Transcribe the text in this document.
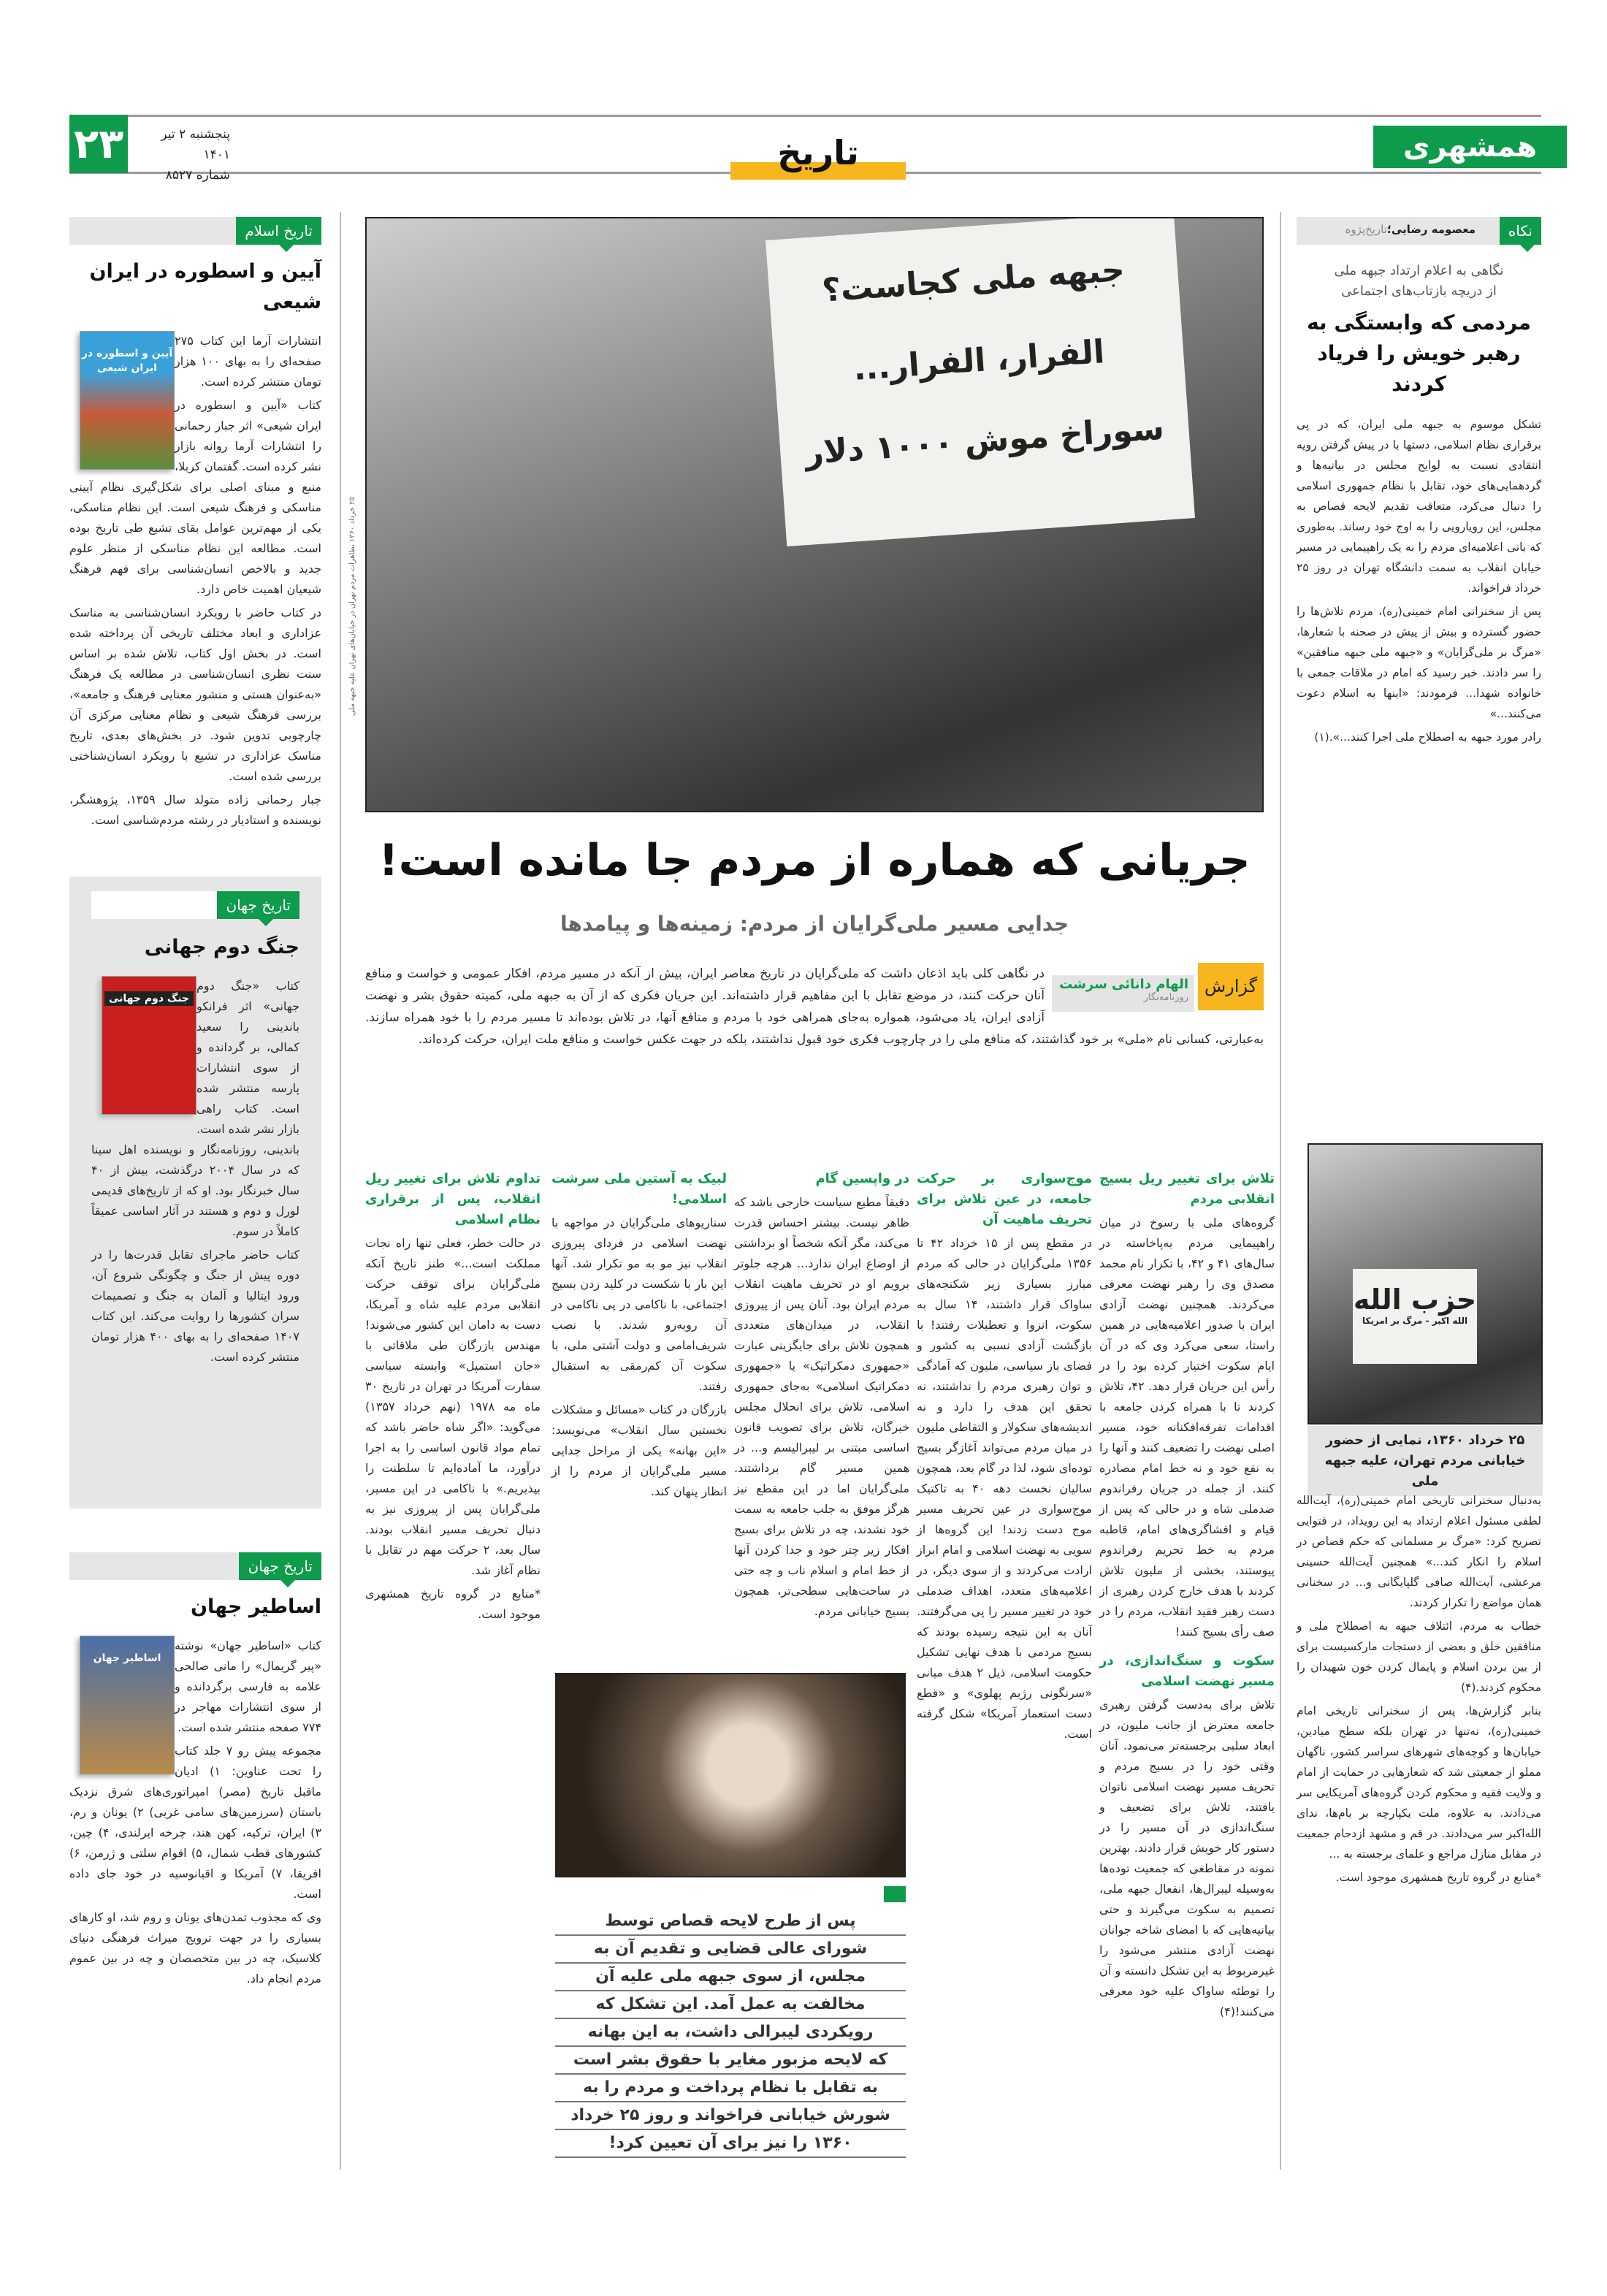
۲۳	پنجشنبه ۲ تیر ۱۴۰۱
شماره ۸۵۲۷
تاریخ	همشهری
نکاه
معصومه رضایی؛تاریخ‌پژوه
نگاهی به اعلام ارتداد جبهه ملی
از دریچه بازتاب‌های اجتماعی
مردمی که وابستگی به رهبر خویش را فریاد کردند

تشکل موسوم به جبهه ملی ایران، که در پی برقراری نظام اسلامی، دستها با در پیش گرفتن رویه انتقادی نسبت به لوایح مجلس در بیانیه‌ها و گردهمایی‌های خود، تقابل با نظام جمهوری اسلامی را دنبال می‌کرد، متعاقب تقدیم لایحه قصاص به مجلس، این رویارویی را به اوج خود رساند. به‌طوری که بانی اعلامیه‌ای مردم را به یک راهپیمایی در مسیر خیابان انقلاب به سمت دانشگاه تهران در روز ۲۵ خرداد فراخواند.

پس از سخنرانی امام خمینی(ره)، مردم تلاش‌ها را حضور گسترده و بیش از پیش در صحنه با شعارها، «مرگ بر ملی‌گرایان» و «جبهه ملی جبهه منافقین» را سر دادند. خبر رسید که امام در ملاقات جمعی با خانواده شهدا... فرمودند: «اینها به اسلام دعوت می‌کنند...»

رادر مورد جبهه به اصطلاح ملی اجرا کنند...».(۱)

حزب الله
الله اکبر - مرگ بر امریکا
۲۵ خرداد ۱۳۶۰، نمایی از حضور خیابانی مردم تهران، علیه جبهه ملی

به‌دنبال سخنرانی تاریخی امام خمینی(ره)، آیت‌الله لطفی مسئول اعلام ارتداد به این رویداد، در فتوایی تصریح کرد: «مرگ بر مسلمانی که حکم قصاص در اسلام را انکار کند...» همچنین آیت‌الله حسینی مرعشی، آیت‌الله صافی گلپایگانی و... در سخنانی همان مواضع را تکرار کردند.

خطاب به مردم، ائتلاف جبهه به اصطلاح ملی و منافقین خلق و بعضی از دستجات مارکسیست برای از بین بردن اسلام و پایمال کردن خون شهیدان را محکوم کردند.(۴)

بنابر گزارش‌ها، پس از سخنرانی تاریخی امام خمینی(ره)، نه‌تنها در تهران بلکه سطح میادین، خیابان‌ها و کوچه‌های شهرهای سراسر کشور، ناگهان مملو از جمعیتی شد که شعارهایی در حمایت از امام و ولایت فقیه و محکوم کردن گروه‌های آمریکایی سر می‌دادند. به علاوه، ملت یکپارچه بر بام‌ها، ندای الله‌اکبر سر می‌دادند. در قم و مشهد ازدحام جمعیت در مقابل منازل مراجع و علمای برجسته به ...

*منابع در گروه تاریخ همشهری موجود است.

تاریخ اسلام
آیین و اسطوره در ایران شیعی
آیین و اسطوره در ایران شیعی

انتشارات آرما این کتاب ۲۷۵ صفحه‌ای را به بهای ۱۰۰ هزار تومان منتشر کرده است.

کتاب «آیین و اسطوره در ایران شیعی» اثر جبار رحمانی را انتشارات آرما روانه بازار نشر کرده است. گفتمان کربلا، منبع و مبنای اصلی برای شکل‌گیری نظام آیینی مناسکی و فرهنگ شیعی است. این نظام مناسکی، یکی از مهم‌ترین عوامل بقای تشیع طی تاریخ بوده است. مطالعه این نظام مناسکی از منظر علوم جدید و بالاخص انسان‌شناسی برای فهم فرهنگ شیعیان اهمیت خاص دارد.

در کتاب حاضر با رویکرد انسان‌شناسی به مناسک عزاداری و ابعاد مختلف تاریخی آن پرداخته شده است. در بخش اول کتاب، تلاش شده بر اساس سنت نظری انسان‌شناسی در مطالعه یک فرهنگ «به‌عنوان هستی و منشور معنایی فرهنگ و جامعه»، بررسی فرهنگ شیعی و نظام معنایی مرکزی آن چارچوبی تدوین شود. در بخش‌های بعدی، تاریخ مناسک عزاداری در تشیع با رویکرد انسان‌شناختی بررسی شده است.

جبار رحمانی زاده متولد سال ۱۳۵۹، پژوهشگر، نویسنده و استادیار در رشته مردم‌شناسی است.

تاریخ جهان
جنگ دوم جهانی
جنگ دوم جهانی

کتاب «جنگ دوم جهانی» اثر فرانکو باندینی را سعید کمالی، بر گردانده و از سوی انتشارات پارسه منتشر شده است. کتاب راهی بازار نشر شده است. باندینی، روزنامه‌نگار و نویسنده اهل سینا که در سال ۲۰۰۴ درگذشت، بیش از ۴۰ سال خبرنگار بود. او که از تاریخ‌های قدیمی لورل و دوم و هستند در آثار اساسی عمیقاً کاملاً در سوم.

کتاب حاضر ماجرای تقابل قدرت‌ها را در دوره پیش از جنگ و چگونگی شروع آن، ورود ایتالیا و آلمان به جنگ و تصمیمات سران کشورها را روایت می‌کند. این کتاب ۱۴۰۷ صفحه‌ای را به بهای ۴۰۰ هزار تومان منتشر کرده است.

تاریخ جهان
اساطیر جهان
اساطیر جهان

کتاب «اساطیر جهان» نوشته «پیر گریمال» را مانی صالحی علامه به فارسی برگردانده و از سوی انتشارات مهاجر در ۷۷۴ صفحه منتشر شده است.

مجموعه پیش رو ۷ جلد کتاب را تحت عناوین: ۱) ادیان ماقبل تاریخ (مصر) امپراتوری‌های شرق نزدیک باستان (سرزمین‌های سامی غربی) ۲) یونان و رم، ۳) ایران، ترکیه، کهن هند، چرخه ایرلندی، ۴) چین، کشورهای قطب شمال، ۵) اقوام سلتی و ژرمن، ۶) افریقا، ۷) آمریکا و اقیانوسیه در خود جای داده است.

وی که مجذوب تمدن‌های یونان و روم شد، او کارهای بسیاری را در جهت ترویج میراث فرهنگی دنیای کلاسیک، چه در بین متخصصان و چه در بین عموم مردم انجام داد.

جبهه ملی کجاست؟
الفرار، الفرار...
سوراخ موش ۱۰۰۰ دلار
۲۵ خرداد ۱۳۶۰ تظاهرات مردم تهران در خیابان‌های تهران علیه جبهه ملی
جریانی که هماره از مردم جا مانده است!
جدایی مسیر ملی‌گرایان از مردم: زمینه‌ها و پیامدها
گزارش
الهام دانائی سرشت
روزنامه‌نگار

در نگاهی کلی باید اذعان داشت که ملی‌گرایان در تاریخ معاصر ایران، بیش از آنکه در مسیر مردم، افکار عمومی و خواست و منافع آنان حرکت کنند، در موضع تقابل با این مفاهیم قرار داشته‌اند. این جریان فکری که از آن به جبهه ملی، کمیته حقوق بشر و نهضت آزادی ایران، یاد می‌شود، همواره به‌جای همراهی خود با مردم و منافع آنها، در تلاش بوده‌اند تا مسیر مردم را با خود همراه سازند. به‌عبارتی، کسانی نام «ملی» بر خود گذاشتند، که منافع ملی را در چارچوب فکری خود قبول نداشتند، بلکه در جهت عکس خواست و منافع ملت ایران، حرکت کرده‌اند.

تلاش برای تغییر ریل بسیج انقلابی مردم

گروه‌های ملی با رسوخ در میان راهپیمایی مردم به‌پاخاسته در سال‌های ۴۱ و ۴۲، با تکرار نام محمد مصدق وی را رهبر نهضت معرفی می‌کردند. همچنین نهضت آزادی ایران با صدور اعلامیه‌هایی در همین راستا، سعی می‌کرد وی که در آن ایام سکوت اختیار کرده بود را در رأس این جریان قرار دهد. ۴۲، تلاش کردند تا با همراه کردن جامعه با اقدامات تفرقه‌افکنانه خود، مسیر اصلی نهضت را تضعیف کنند و آنها را به نفع خود و نه خط امام مصادره کنند. از جمله در جریان رفراندوم ضدملی شاه و در حالی که پس از قیام و افشاگری‌های امام، قاطبه مردم به خط تحریم رفراندوم پیوستند، بخشی از ملیون تلاش کردند با هدف خارج کردن رهبری از دست رهبر فقید انقلاب، مردم را در صف رأی بسیج کنند!

سکوت و سنگ‌اندازی، در مسیر نهضت اسلامی

تلاش برای به‌دست گرفتن رهبری جامعه معترض از جانب ملیون، در ابعاد سلبی برجسته‌تر می‌نمود. آنان وقتی خود را در بسیج مردم و تحریف مسیر نهضت اسلامی ناتوان یافتند، تلاش برای تضعیف و سنگ‌اندازی در آن مسیر را در دستور کار خویش قرار دادند. بهترین نمونه در مقاطعی که جمعیت توده‌ها به‌وسیله لیبرال‌ها، انفعال جبهه ملی، تصمیم به سکوت می‌گیرند و حتی بیانیه‌هایی که با امضای شاخه جوانان نهضت آزادی منتشر می‌شود را غیرمربوط به این تشکل دانسته و آن را توطئه ساواک علیه خود معرفی می‌کنند!(۴)

موج‌سواری بر حرکت جامعه، در عین تلاش برای تحریف ماهیت آن

در مقطع پس از ۱۵ خرداد ۴۲ تا ۱۳۵۶ ملی‌گرایان در حالی که مردم مبارز بسیاری زیر شکنجه‌های ساواک قرار داشتند، ۱۴ سال به سکوت، انزوا و تعطیلات رفتند! با بازگشت آزادی نسبی به کشور و فضای باز سیاسی، ملیون که آمادگی و توان رهبری مردم را نداشتند، نه تحقق این هدف را دارد و نه اندیشه‌های سکولار و التقاطی ملیون در میان مردم می‌تواند آغازگر بسیج توده‌ای شود، لذا در گام بعد، همچون سالیان نخست دهه ۴۰ به تاکتیک موج‌سواری در عین تحریف مسیر موج دست زدند! این گروه‌ها از سویی به نهضت اسلامی و امام ابراز ارادت می‌کردند و از سوی دیگر، در اعلامیه‌های متعدد، اهداف ضدملی خود در تغییر مسیر را پی می‌گرفتند. آنان به این نتیجه رسیده بودند که بسیج مردمی با هدف نهایی تشکیل حکومت اسلامی، ذیل ۲ هدف میانی «سرنگونی رژیم پهلوی» و «قطع دست استعمار آمریکا» شکل گرفته است.

در واپسین گام

دقیقاً مطیع سیاست خارجی باشد که ظاهر نیست. بیشتر احساس قدرت می‌کند، مگر آنکه شخصاً او برداشتی از اوضاع ایران ندارد... هرچه جلوتر برویم او در تحریف ماهیت انقلاب مردم ایران بود. آنان پس از پیروزی انقلاب، در میدان‌های متعددی همچون تلاش برای جایگزینی عبارت «جمهوری دمکراتیک» یا «جمهوری دمکراتیک اسلامی» به‌جای جمهوری اسلامی، تلاش برای انحلال مجلس خبرگان، تلاش برای تصویب قانون اساسی مبتنی بر لیبرالیسم و... در همین مسیر گام برداشتند. ملی‌گرایان اما در این مقطع نیز هرگز موفق به جلب جامعه به سمت خود نشدند، چه در تلاش برای بسیج افکار زیر چتر خود و جدا کردن آنها از خط امام و اسلام ناب و چه حتی در ساحت‌هایی سطحی‌تر، همچون بسیج خیابانی مردم.

لبیک به آستین ملی سرشت اسلامی!

سناریوهای ملی‌گرایان در مواجهه با نهضت اسلامی در فردای پیروزی انقلاب نیز مو به مو تکرار شد. آنها این بار با شکست در کلید زدن بسیج اجتماعی، با ناکامی در پی ناکامی در آن روبه‌رو شدند. با نصب شریف‌امامی و دولت آشتی ملی، با سکوت آن کم‌رمقی به استقبال رفتند.

بازرگان در کتاب «مسائل و مشکلات نخستین سال انقلاب» می‌نویسد: «این بهانه» یکی از مراحل جدایی مسیر ملی‌گرایان از مردم را از انظار پنهان کند.

تداوم تلاش برای تغییر ریل انقلاب، پس از برقراری نظام اسلامی

در حالت خطر، فعلی تنها راه نجات مملکت است...» طنز تاریخ آنکه ملی‌گرایان برای توقف حرکت انقلابی مردم علیه شاه و آمریکا، دست به دامان این کشور می‌شوند! مهندس بازرگان طی ملاقاتی با «جان استمپل» وابسته سیاسی سفارت آمریکا در تهران در تاریخ ۳۰ ماه مه ۱۹۷۸ (نهم خرداد ۱۳۵۷) می‌گوید: «اگر شاه حاضر باشد که تمام مواد قانون اساسی را به اجرا درآورد، ما آماده‌ایم تا سلطنت را بپذیریم.» با ناکامی در این مسیر، ملی‌گرایان پس از پیروزی نیز به دنبال تحریف مسیر انقلاب بودند. سال بعد، ۲ حرکت مهم در تقابل با نظام آغاز شد.

*منابع در گروه تاریخ همشهری موجود است.

پس از طرح لایحه قصاص توسط
شورای عالی قضایی و تقدیم آن به
مجلس، از سوی جبهه ملی علیه آن
مخالفت به عمل آمد. این تشکل که
رویکردی لیبرالی داشت، به این بهانه
که لایحه مزبور مغایر با حقوق بشر است
به تقابل با نظام پرداخت و مردم را به
شورش خیابانی فراخواند و روز ۲۵ خرداد
۱۳۶۰ را نیز برای آن تعیین کرد!
